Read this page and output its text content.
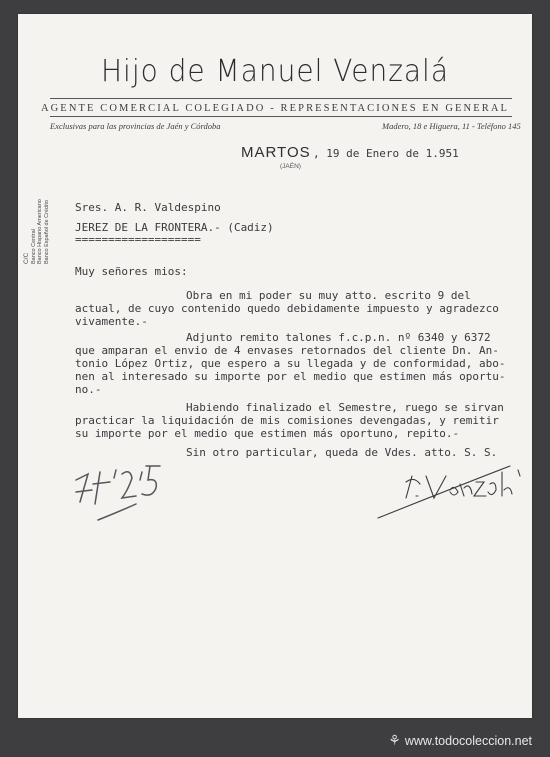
Hijo de Manuel Venzalá
AGENTE COMERCIAL COLEGIADO - REPRESENTACIONES EN GENERAL
Exclusivas para las provincias de Jaén y Córdoba	Madero, 18 e Higuera, 11 - Teléfono 145
MARTOS
(JAÉN)
, 19 de Enero de 1.951
Sres. A. R. Valdespino
JEREZ DE LA FRONTERA.- (Cadiz)
===================
Muy señores mios:
Obra en mi poder su muy atto. escrito 9 del
actual, de cuyo contenido quedo debidamente impuesto y agradezco
vivamente.-
Adjunto remito talones f.c.p.n. nº 6340 y 6372
que amparan el envio de 4 envases retornados del cliente Dn. An-
tonio López Ortiz, que espero a su llegada y de conformidad, abo-
nen al interesado su importe por el medio que estimen más oportu-
no.-
Habiendo finalizado el Semestre, ruego se sirvan
practicar la liquidación de mis comisiones devengadas, y remitir
su importe por el medio que estimen más oportuno, repito.-
Sin otro particular, queda de Vdes. atto. S. S.
C/C
Banco Central
Banco Hispano Americano
Banco Español de Crédito
⚘ www.todocoleccion.net
